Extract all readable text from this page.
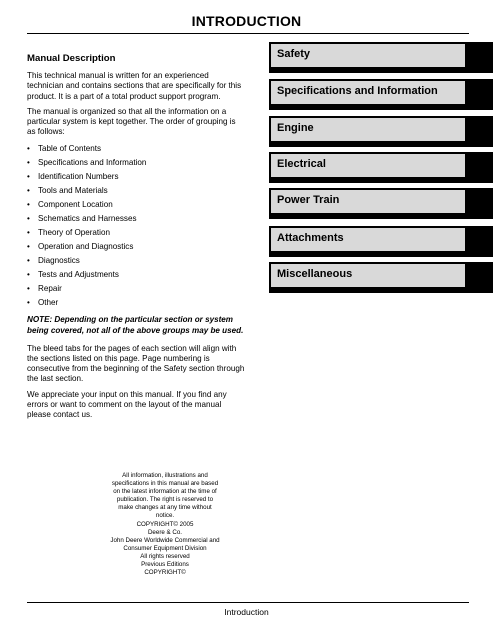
INTRODUCTION
Manual Description

This technical manual is written for an experienced technician and contains sections that are specifically for this product. It is a part of a total product support program.

The manual is organized so that all the information on a particular system is kept together. The order of grouping is as follows:

• Table of Contents
• Specifications and Information
• Identification Numbers
• Tools and Materials
• Component Location
• Schematics and Harnesses
• Theory of Operation
• Operation and Diagnostics
• Diagnostics
• Tests and Adjustments
• Repair
• Other

NOTE: Depending on the particular section or system being covered, not all of the above groups may be used.

The bleed tabs for the pages of each section will align with the sections listed on this page. Page numbering is consecutive from the beginning of the Safety section through the last section.

We appreciate your input on this manual. If you find any errors or want to comment on the layout of the manual please contact us.

All information, illustrations and
specifications in this manual are based
on the latest information at the time of
publication. The right is reserved to
make changes at any time without
notice.
COPYRIGHT© 2005
Deere & Co.
John Deere Worldwide Commercial and
Consumer Equipment Division
All rights reserved
Previous Editions
COPYRIGHT©
Safety
Specifications and Information
Engine
Electrical
Power Train
Attachments
Miscellaneous
Introduction
